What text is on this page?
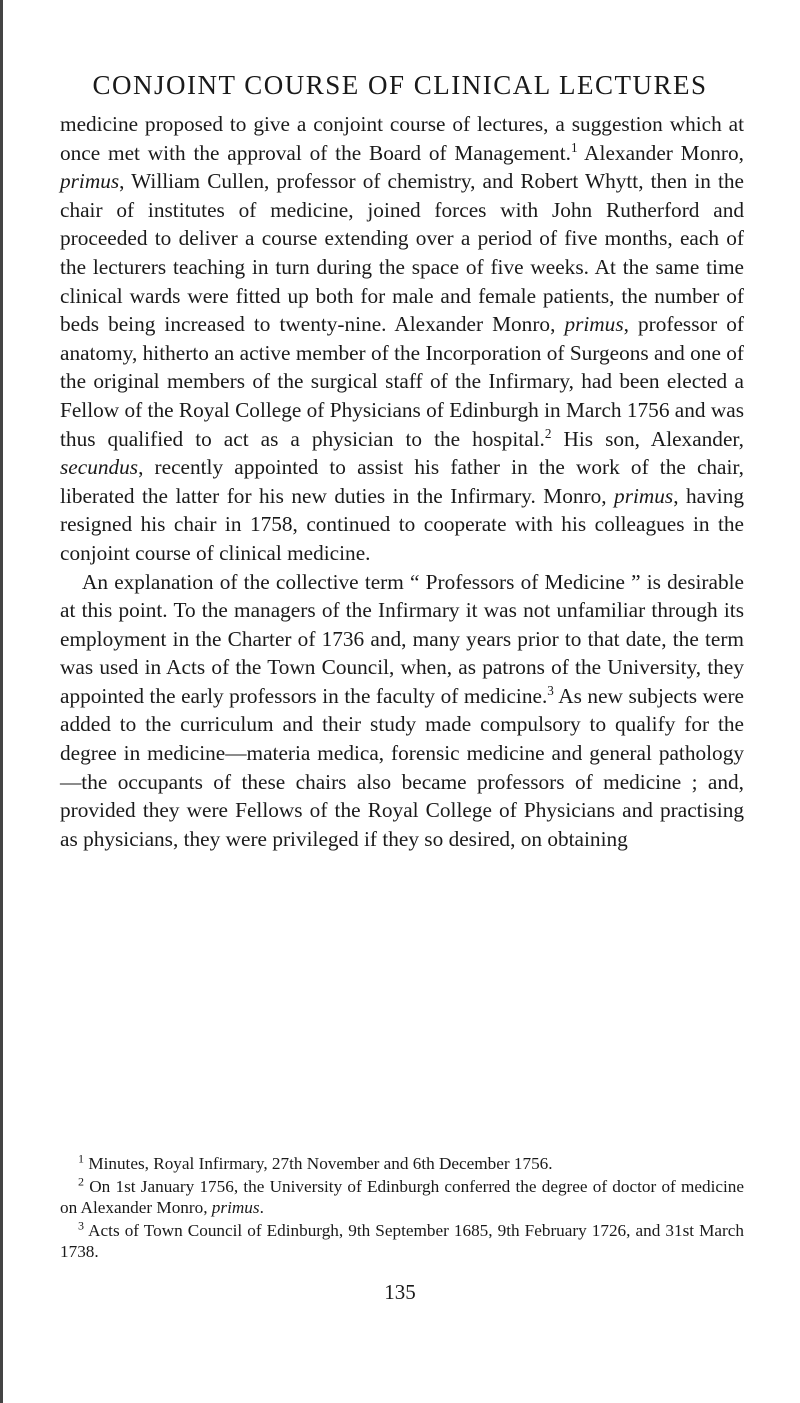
CONJOINT COURSE OF CLINICAL LECTURES

medicine proposed to give a conjoint course of lectures, a suggestion which at once met with the approval of the Board of Management.$^1$ Alexander Monro, primus, William Cullen, professor of chemistry, and Robert Whytt, then in the chair of institutes of medicine, joined forces with John Rutherford and proceeded to deliver a course extending over a period of five months, each of the lecturers teaching in turn during the space of five weeks. At the same time clinical wards were fitted up both for male and female patients, the number of beds being increased to twenty-nine. Alexander Monro, primus, professor of anatomy, hitherto an active member of the Incorporation of Surgeons and one of the original members of the surgical staff of the Infirmary, had been elected a Fellow of the Royal College of Physicians of Edinburgh in March 1756 and was thus qualified to act as a physician to the hospital.$^2$ His son, Alexander, secundus, recently appointed to assist his father in the work of the chair, liberated the latter for his new duties in the Infirmary. Monro, primus, having resigned his chair in 1758, continued to cooperate with his colleagues in the conjoint course of clinical medicine.

An explanation of the collective term “ Professors of Medicine ” is desirable at this point. To the managers of the Infirmary it was not unfamiliar through its employment in the Charter of 1736 and, many years prior to that date, the term was used in Acts of the Town Council, when, as patrons of the University, they appointed the early professors in the faculty of medicine.$^3$ As new subjects were added to the curriculum and their study made compulsory to qualify for the degree in medicine—materia medica, forensic medicine and general pathology—the occupants of these chairs also became professors of medicine ; and, provided they were Fellows of the Royal College of Physicians and practising as physicians, they were privileged if they so desired, on obtaining

$^1$ Minutes, Royal Infirmary, 27th November and 6th December 1756.

$^2$ On 1st January 1756, the University of Edinburgh conferred the degree of doctor of medicine on Alexander Monro, primus.

$^3$ Acts of Town Council of Edinburgh, 9th September 1685, 9th February 1726, and 31st March 1738.

135
